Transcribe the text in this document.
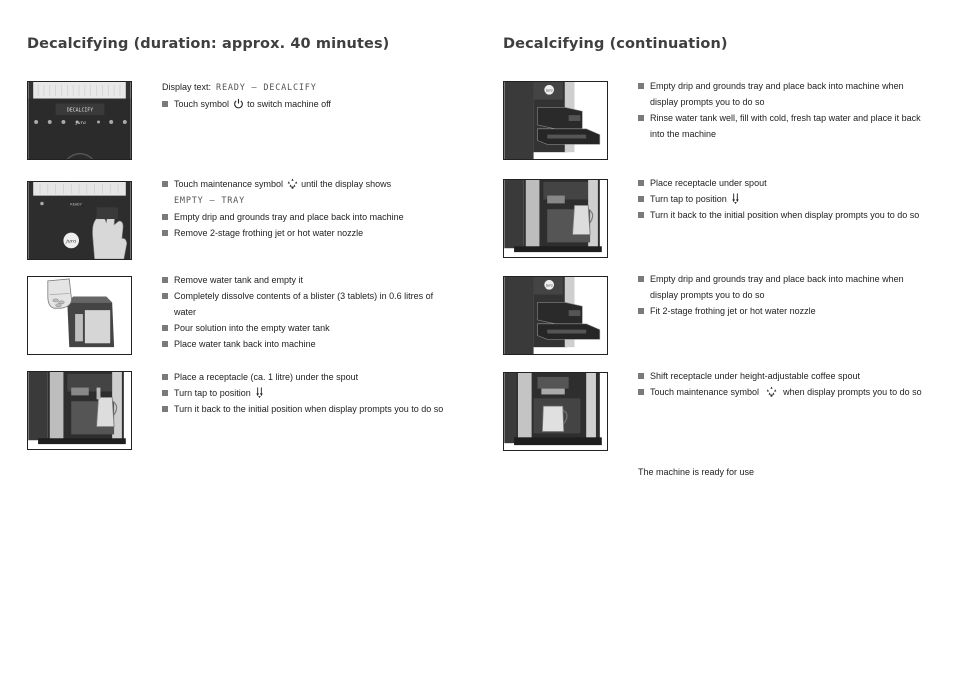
Decalcifying (duration: approx. 40 minutes)
DECALCIFY
jura
Display text: READY – DECALCIFY
Touch symbol to switch machine off
READY
jura
Touch maintenance symbol until the display shows
EMPTY – TRAY
Empty drip and grounds tray and place back into machine
Remove 2-stage frothing jet or hot water nozzle
Remove water tank and empty it
Completely dissolve contents of a blister (3 tablets) in 0.6 litres of water
Pour solution into the empty water tank
Place water tank back into machine
Place a receptacle (ca. 1 litre) under the spout
Turn tap to position
Turn it back to the initial position when display prompts you to do so
Decalcifying (continuation)
jura	Empty drip and grounds tray and place back into machine when display prompts you to do so
Rinse water tank well, fill with cold, fresh tap water and place it back into the machine
Place receptacle under spout
Turn tap to position
Turn it back to the initial position when display prompts you to do so
jura
Empty drip and grounds tray and place back into machine when display prompts you to do so
Fit 2-stage frothing jet or hot water nozzle
Shift receptacle under height-adjustable coffee spout
Touch maintenance symbol	when display prompts you to do so
The machine is ready for use
